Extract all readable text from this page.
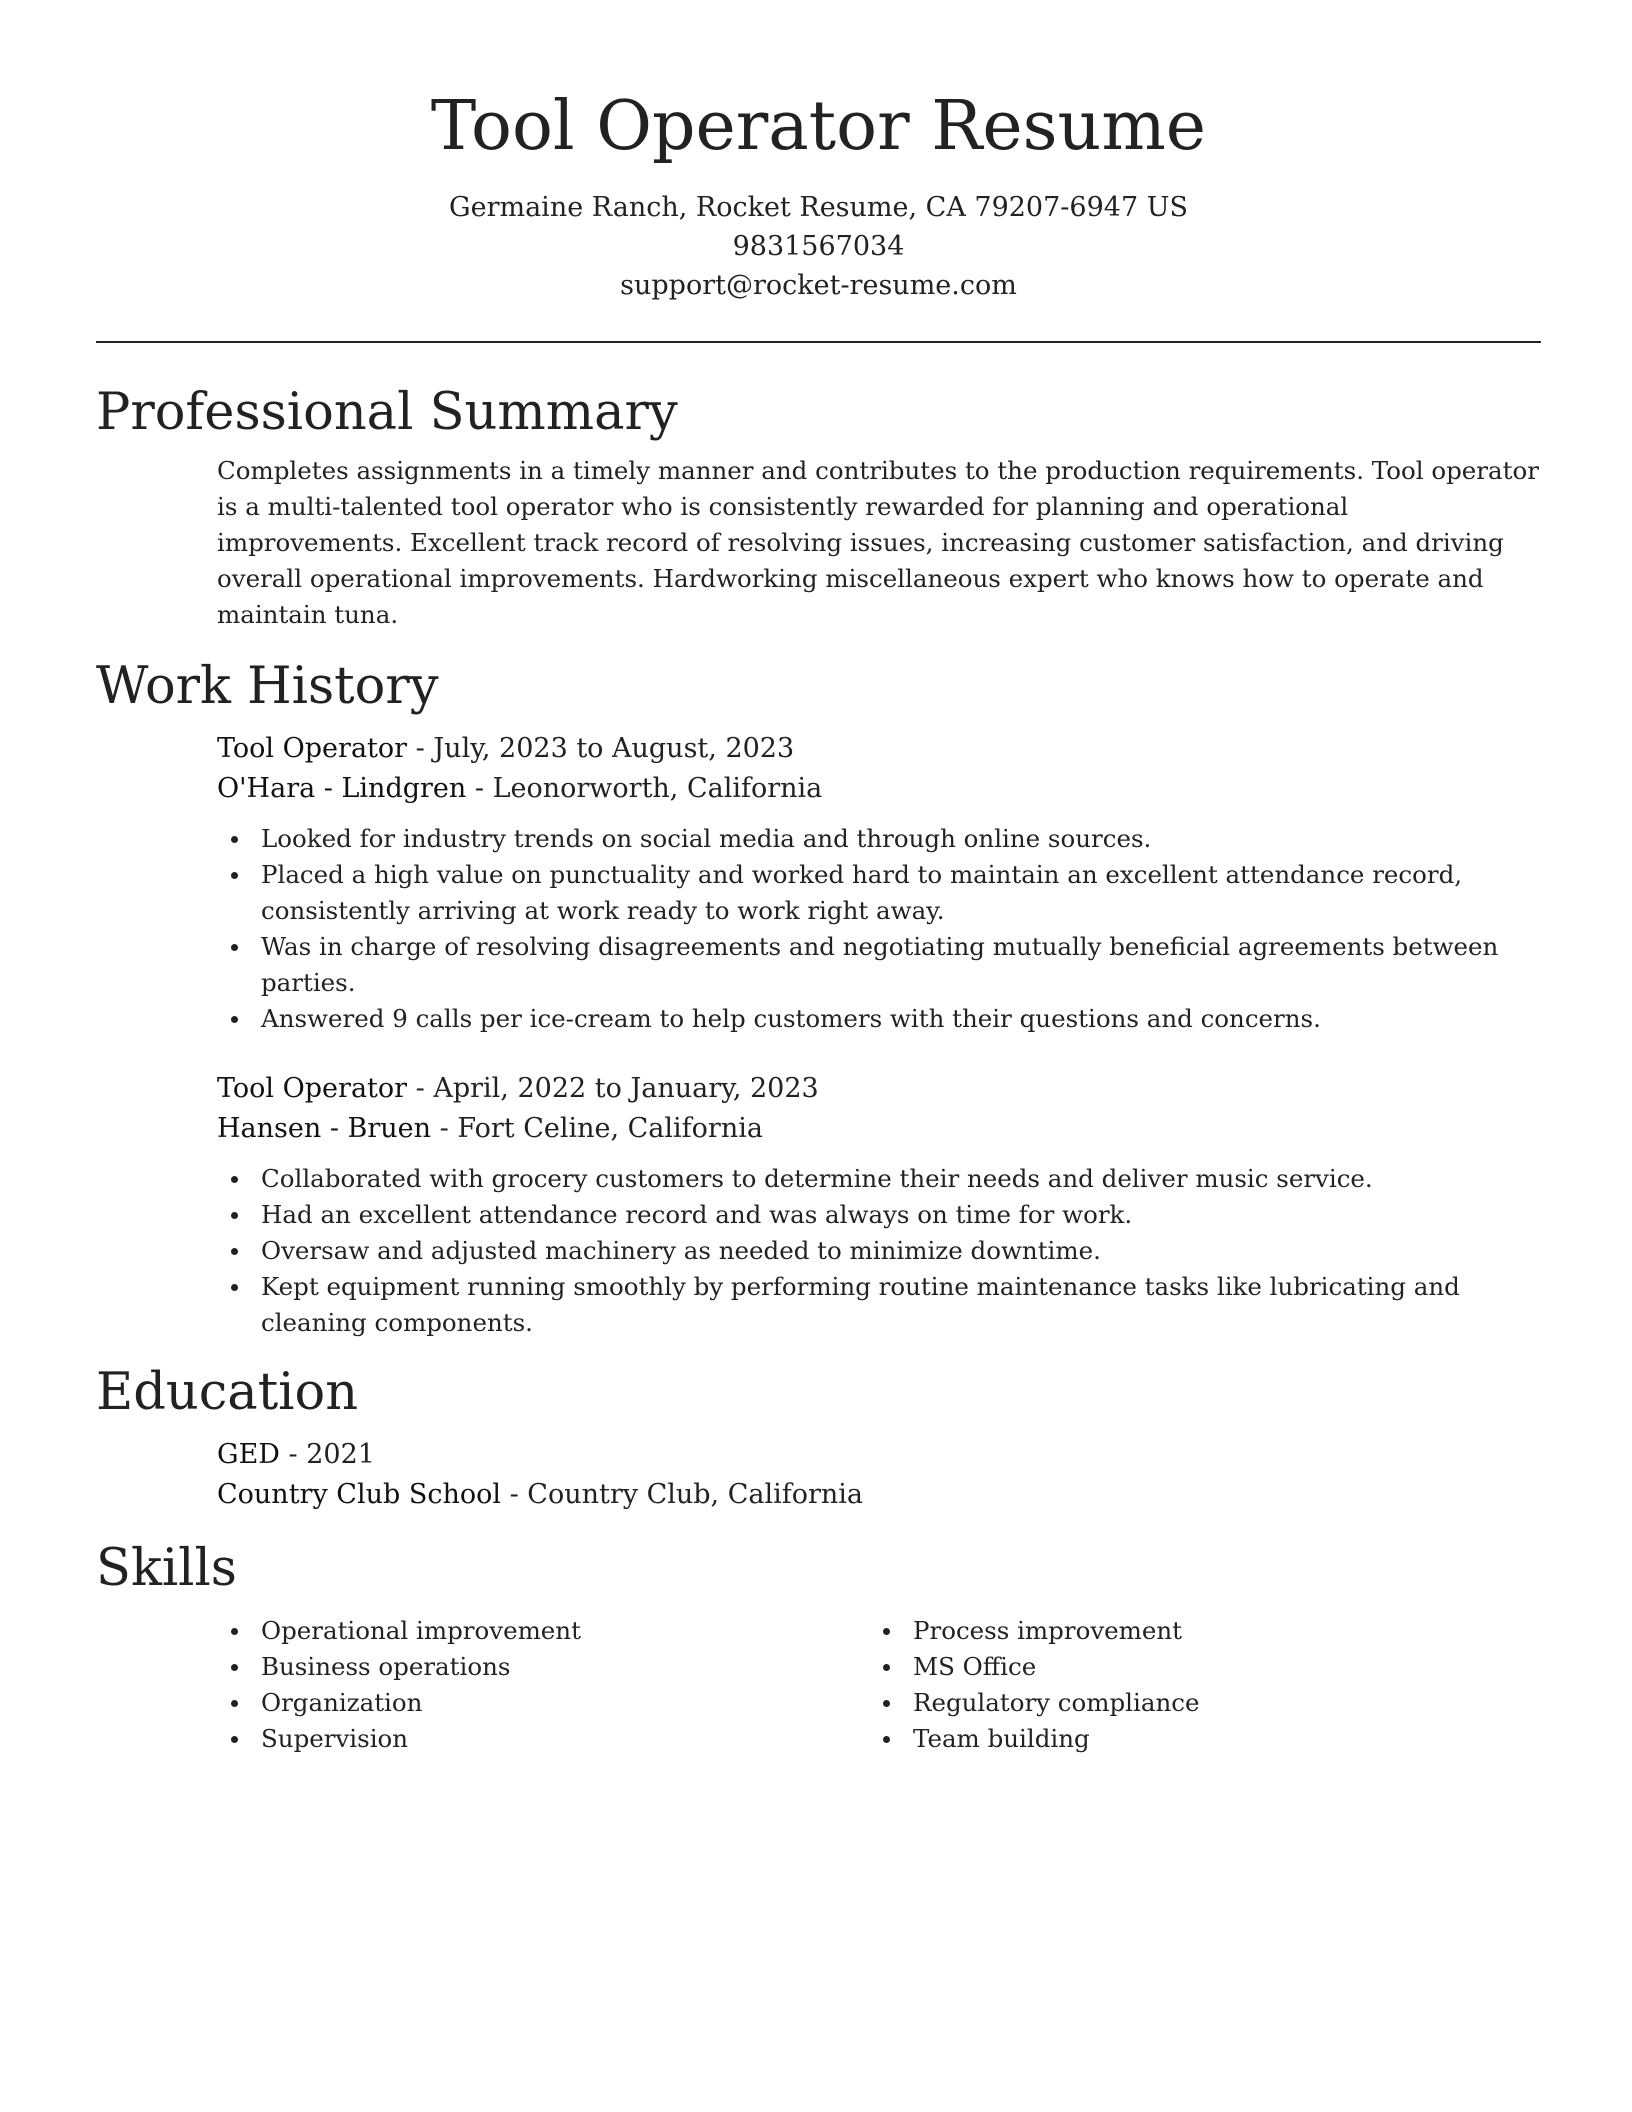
Tool Operator Resume

Germaine Ranch, Rocket Resume, CA 79207-6947 US

9831567034

support@rocket-resume.com

Professional Summary

Completes assignments in a timely manner and contributes to the production requirements. Tool operator is a multi-talented tool operator who is consistently rewarded for planning and operational improvements. Excellent track record of resolving issues, increasing customer satisfaction, and driving overall operational improvements. Hardworking miscellaneous expert who knows how to operate and maintain tuna.

Work History

Tool Operator - July, 2023 to August, 2023

O'Hara - Lindgren - Leonorworth, California

Looked for industry trends on social media and through online sources.
Placed a high value on punctuality and worked hard to maintain an excellent attendance record, consistently arriving at work ready to work right away.
Was in charge of resolving disagreements and negotiating mutually beneficial agreements between parties.
Answered 9 calls per ice-cream to help customers with their questions and concerns.

Tool Operator - April, 2022 to January, 2023

Hansen - Bruen - Fort Celine, California

Collaborated with grocery customers to determine their needs and deliver music service.
Had an excellent attendance record and was always on time for work.
Oversaw and adjusted machinery as needed to minimize downtime.
Kept equipment running smoothly by performing routine maintenance tasks like lubricating and cleaning components.
Education

GED - 2021

Country Club School - Country Club, California

Skills
Operational improvement
Business operations
Organization
Supervision
Process improvement
MS Office
Regulatory compliance
Team building
